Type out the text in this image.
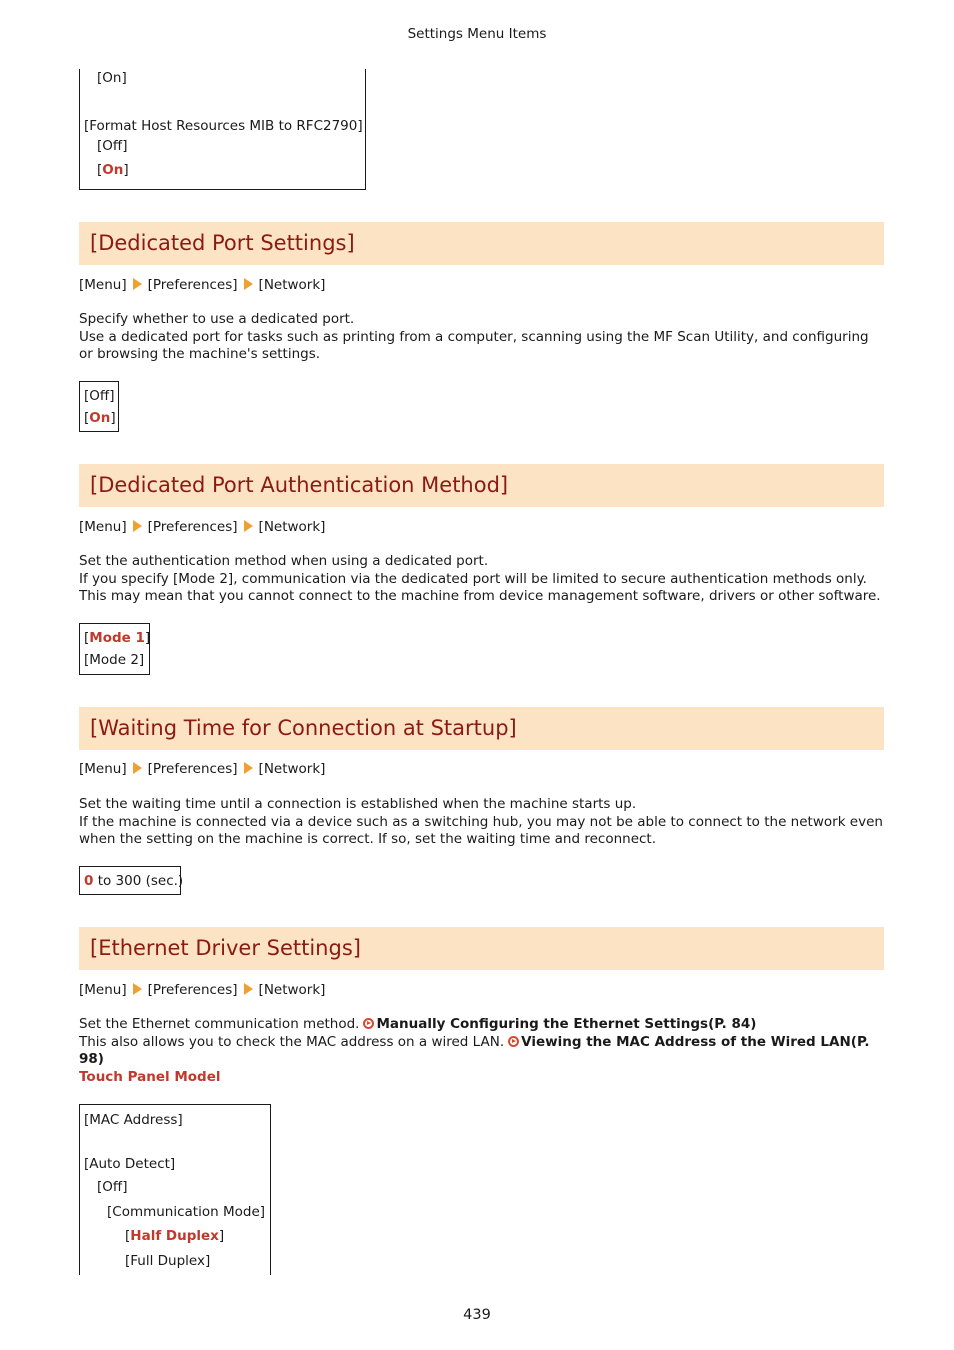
Settings Menu Items
[On]
[Format Host Resources MIB to RFC2790]
[Off]
[On]
[Dedicated Port Settings]
[Menu] [Preferences] [Network]

Specify whether to use a dedicated port.

Use a dedicated port for tasks such as printing from a computer, scanning using the MF Scan Utility, and configuring or browsing the machine's settings.

[Off]
[On]
[Dedicated Port Authentication Method]
[Menu] [Preferences] [Network]

Set the authentication method when using a dedicated port.

If you specify [Mode 2], communication via the dedicated port will be limited to secure authentication methods only. This may mean that you cannot connect to the machine from device management software, drivers or other software.

[Mode 1]
[Mode 2]
[Waiting Time for Connection at Startup]
[Menu] [Preferences] [Network]

Set the waiting time until a connection is established when the machine starts up.

If the machine is connected via a device such as a switching hub, you may not be able to connect to the network even when the setting on the machine is correct. If so, set the waiting time and reconnect.

0 to 300 (sec.)
[Ethernet Driver Settings]
[Menu] [Preferences] [Network]

Set the Ethernet communication method. Manually Configuring the Ethernet Settings(P. 84)

This also allows you to check the MAC address on a wired LAN. Viewing the MAC Address of the Wired LAN(P. 98)

Touch Panel Model
[MAC Address]
[Auto Detect]
[Off]
[Communication Mode]
[Half Duplex]
[Full Duplex]
439
